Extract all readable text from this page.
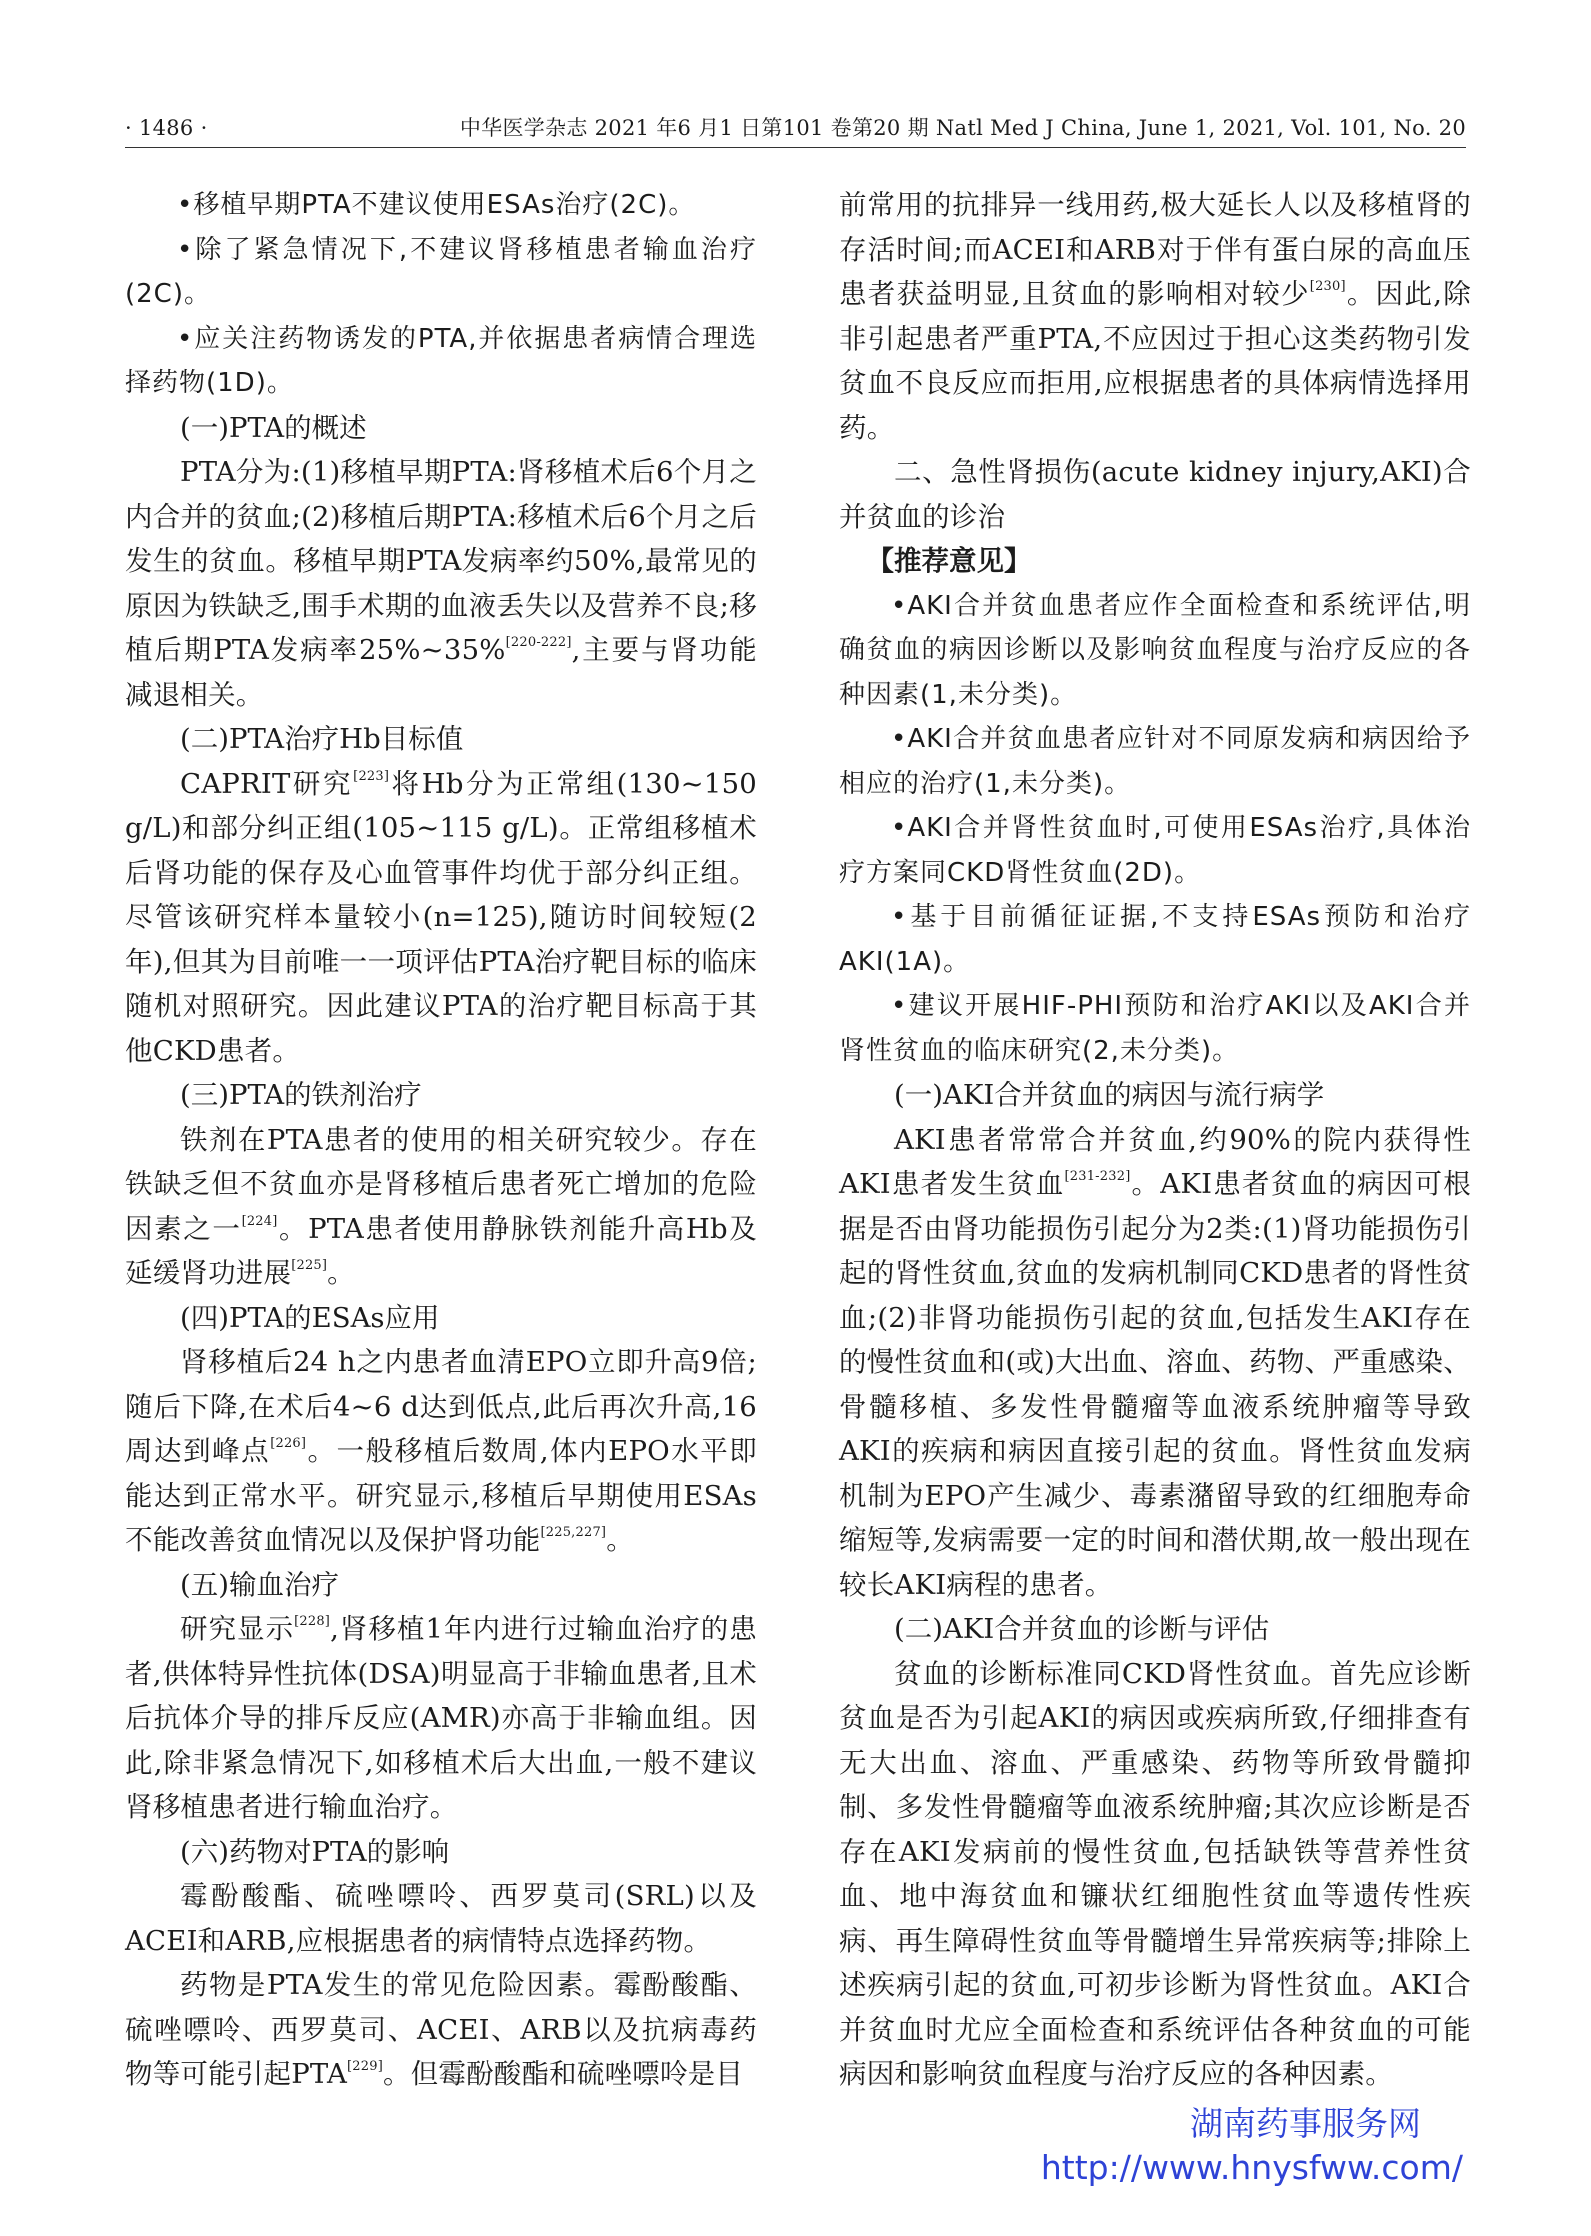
· 1486 ·	中华医学杂志 2021 年6 月1 日第101 卷第20 期 Natl Med J China, June 1, 2021, Vol. 101, No. 20

•移植早期PTA不建议使用ESAs治疗(2C)。

•除了紧急情况下,不建议肾移植患者输血治疗(2C)。

•应关注药物诱发的PTA,并依据患者病情合理选择药物(1D)。

(一)PTA的概述

PTA分为:(1)移植早期PTA:肾移植术后6个月之内合并的贫血;(2)移植后期PTA:移植术后6个月之后发生的贫血。移植早期PTA发病率约50%,最常见的原因为铁缺乏,围手术期的血液丢失以及营养不良;移植后期PTA发病率25%~35%[220-222],主要与肾功能减退相关。

(二)PTA治疗Hb目标值

CAPRIT研究[223]将Hb分为正常组(130~150 g/L)和部分纠正组(105~115 g/L)。正常组移植术后肾功能的保存及心血管事件均优于部分纠正组。尽管该研究样本量较小(n=125),随访时间较短(2年),但其为目前唯一一项评估PTA治疗靶目标的临床随机对照研究。因此建议PTA的治疗靶目标高于其他CKD患者。

(三)PTA的铁剂治疗

铁剂在PTA患者的使用的相关研究较少。存在铁缺乏但不贫血亦是肾移植后患者死亡增加的危险因素之一[224]。PTA患者使用静脉铁剂能升高Hb及延缓肾功进展[225]。

(四)PTA的ESAs应用

肾移植后24 h之内患者血清EPO立即升高9倍;随后下降,在术后4~6 d达到低点,此后再次升高,16周达到峰点[226]。一般移植后数周,体内EPO水平即能达到正常水平。研究显示,移植后早期使用ESAs不能改善贫血情况以及保护肾功能[225,227]。

(五)输血治疗

研究显示[228],肾移植1年内进行过输血治疗的患者,供体特异性抗体(DSA)明显高于非输血患者,且术后抗体介导的排斥反应(AMR)亦高于非输血组。因此,除非紧急情况下,如移植术后大出血,一般不建议肾移植患者进行输血治疗。

(六)药物对PTA的影响

霉酚酸酯、硫唑嘌呤、西罗莫司(SRL)以及ACEI和ARB,应根据患者的病情特点选择药物。

药物是PTA发生的常见危险因素。霉酚酸酯、硫唑嘌呤、西罗莫司、ACEI、ARB以及抗病毒药物等可能引起PTA[229]。但霉酚酸酯和硫唑嘌呤是目

前常用的抗排异一线用药,极大延长人以及移植肾的存活时间;而ACEI和ARB对于伴有蛋白尿的高血压患者获益明显,且贫血的影响相对较少[230]。因此,除非引起患者严重PTA,不应因过于担心这类药物引发贫血不良反应而拒用,应根据患者的具体病情选择用药。

二、急性肾损伤(acute kidney injury,AKI)合并贫血的诊治

【推荐意见】

•AKI合并贫血患者应作全面检查和系统评估,明确贫血的病因诊断以及影响贫血程度与治疗反应的各种因素(1,未分类)。

•AKI合并贫血患者应针对不同原发病和病因给予相应的治疗(1,未分类)。

•AKI合并肾性贫血时,可使用ESAs治疗,具体治疗方案同CKD肾性贫血(2D)。

•基于目前循征证据,不支持ESAs预防和治疗AKI(1A)。

•建议开展HIF-PHI预防和治疗AKI以及AKI合并肾性贫血的临床研究(2,未分类)。

(一)AKI合并贫血的病因与流行病学

AKI患者常常合并贫血,约90%的院内获得性AKI患者发生贫血[231-232]。AKI患者贫血的病因可根据是否由肾功能损伤引起分为2类:(1)肾功能损伤引起的肾性贫血,贫血的发病机制同CKD患者的肾性贫血;(2)非肾功能损伤引起的贫血,包括发生AKI存在的慢性贫血和(或)大出血、溶血、药物、严重感染、骨髓移植、多发性骨髓瘤等血液系统肿瘤等导致AKI的疾病和病因直接引起的贫血。肾性贫血发病机制为EPO产生减少、毒素潴留导致的红细胞寿命缩短等,发病需要一定的时间和潜伏期,故一般出现在较长AKI病程的患者。

(二)AKI合并贫血的诊断与评估

贫血的诊断标准同CKD肾性贫血。首先应诊断贫血是否为引起AKI的病因或疾病所致,仔细排查有无大出血、溶血、严重感染、药物等所致骨髓抑制、多发性骨髓瘤等血液系统肿瘤;其次应诊断是否存在AKI发病前的慢性贫血,包括缺铁等营养性贫血、地中海贫血和镰状红细胞性贫血等遗传性疾病、再生障碍性贫血等骨髓增生异常疾病等;排除上述疾病引起的贫血,可初步诊断为肾性贫血。AKI合并贫血时尤应全面检查和系统评估各种贫血的可能病因和影响贫血程度与治疗反应的各种因素。

湖南药事服务网
http://www.hnysfww.com/
